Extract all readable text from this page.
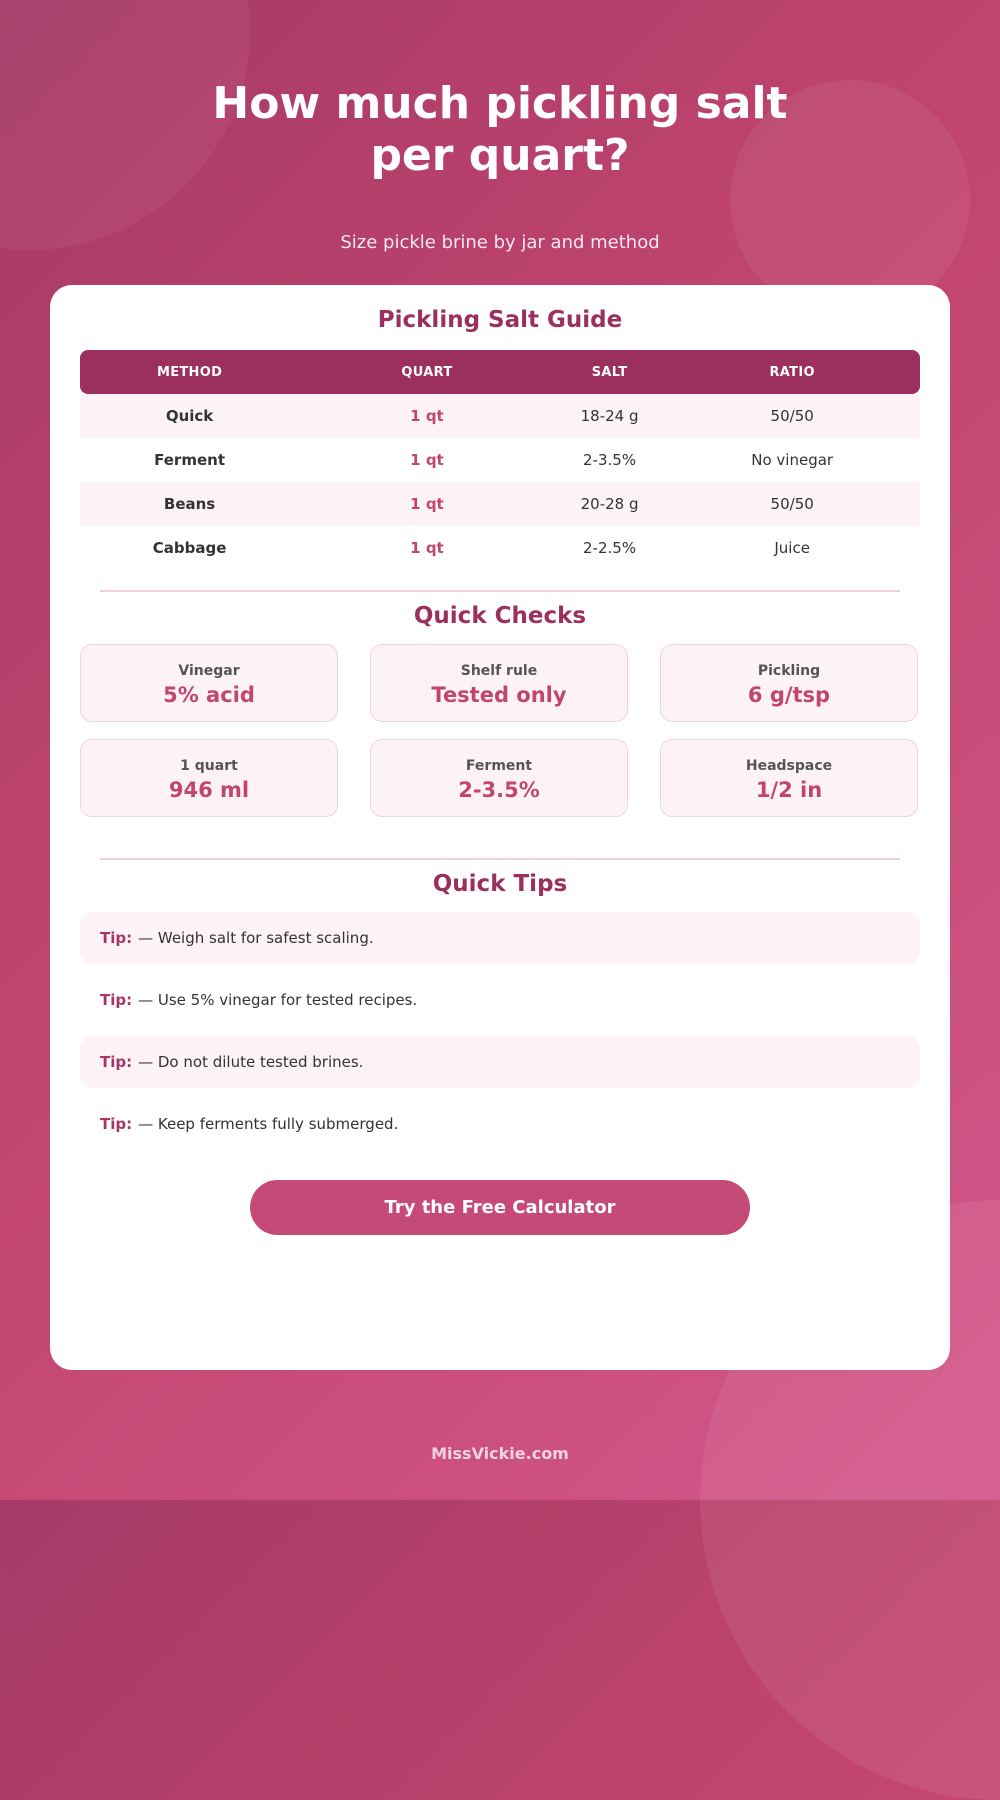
How much pickling salt
per quart?

Size pickle brine by jar and method

Pickling Salt Guide
METHOD	QUART	SALT	RATIO
Quick	1 qt	18-24 g	50/50
Ferment	1 qt	2-3.5%	No vinegar
Beans	1 qt	20-28 g	50/50
Cabbage	1 qt	2-2.5%	Juice
Quick Checks
Vinegar
5% acid
Shelf rule
Tested only
Pickling
6 g/tsp
1 quart
946 ml
Ferment
2-3.5%
Headspace
1/2 in
Quick Tips
Tip: — Weigh salt for safest scaling.
Tip: — Use 5% vinegar for tested recipes.
Tip: — Do not dilute tested brines.
Tip: — Keep ferments fully submerged.
Try the Free Calculator
MissVickie.com
